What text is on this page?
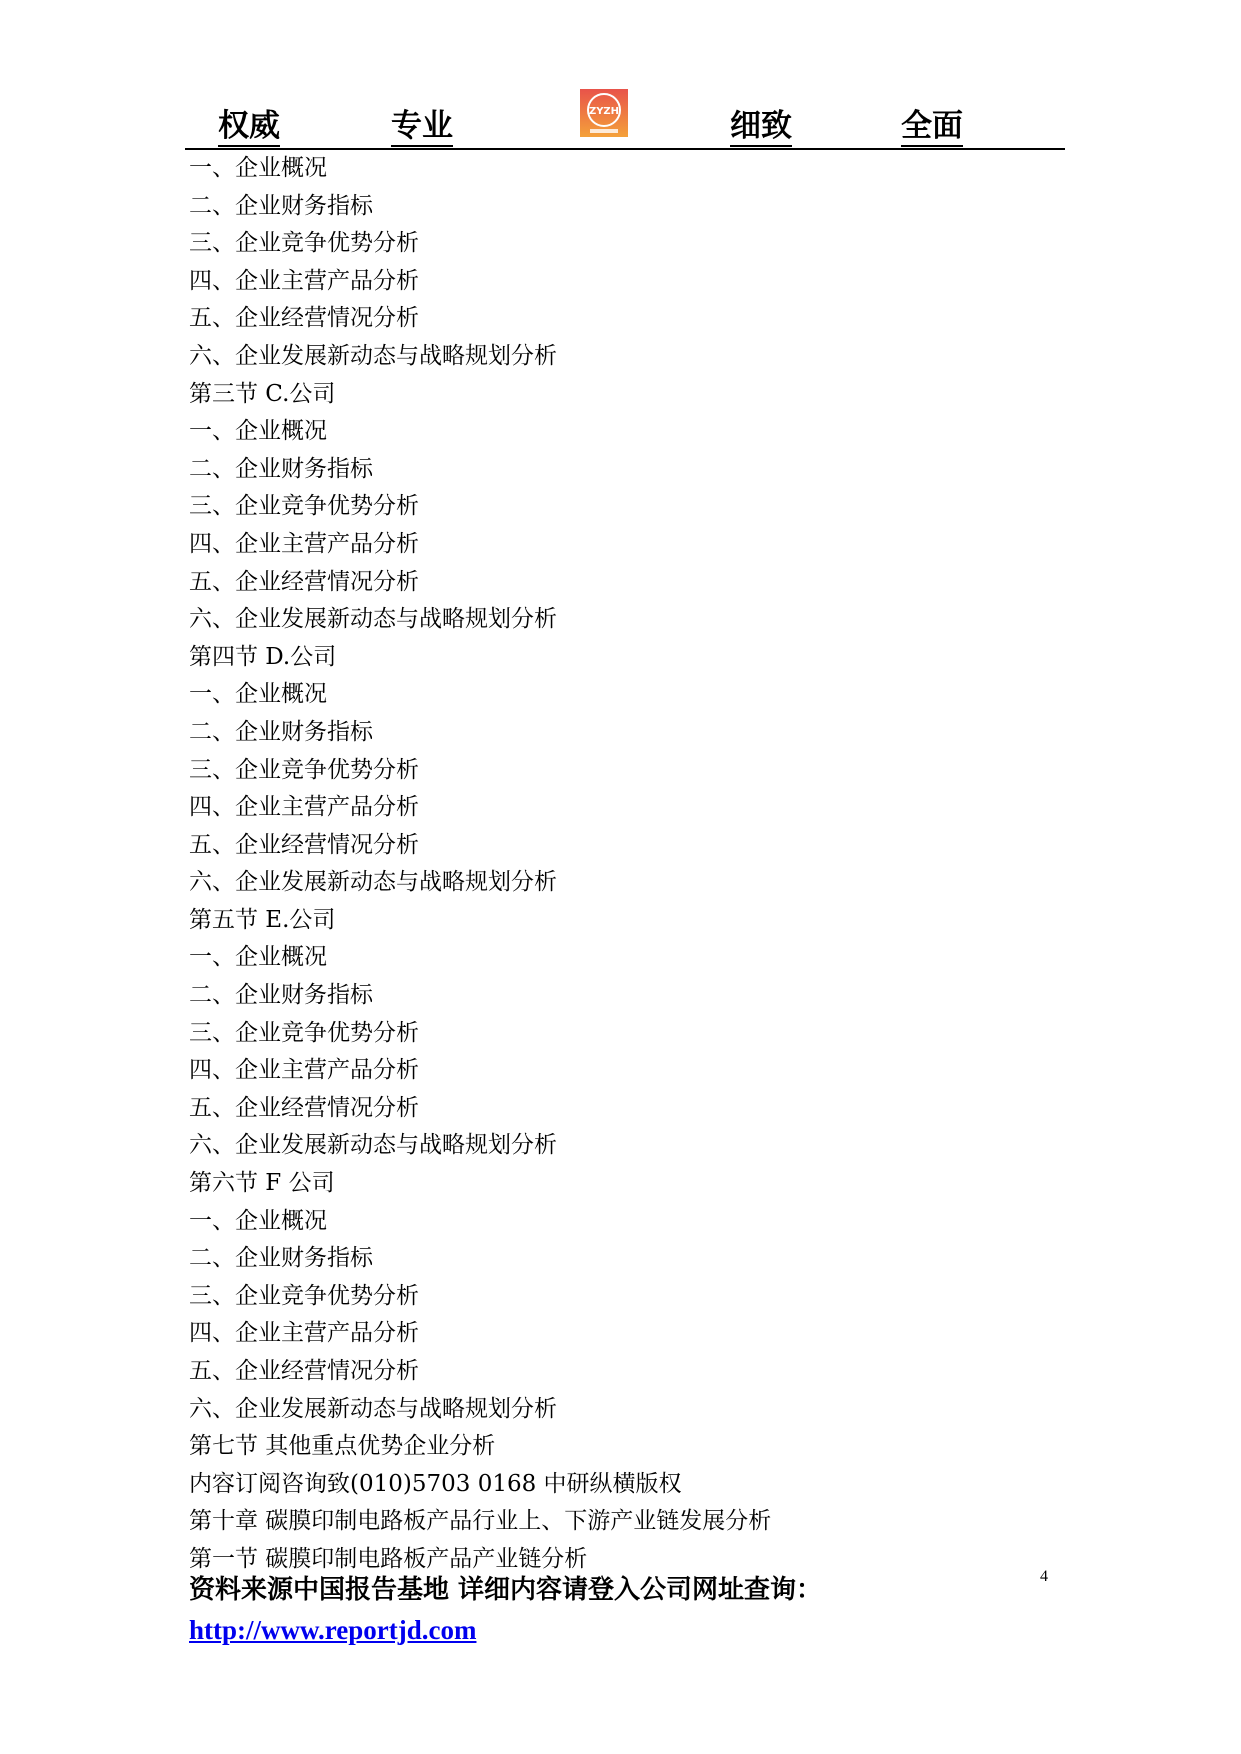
权威	专业	ZYZH	细致	全面
一、企业概况
二、企业财务指标
三、企业竞争优势分析
四、企业主营产品分析
五、企业经营情况分析
六、企业发展新动态与战略规划分析
第三节 C.公司
一、企业概况
二、企业财务指标
三、企业竞争优势分析
四、企业主营产品分析
五、企业经营情况分析
六、企业发展新动态与战略规划分析
第四节 D.公司
一、企业概况
二、企业财务指标
三、企业竞争优势分析
四、企业主营产品分析
五、企业经营情况分析
六、企业发展新动态与战略规划分析
第五节 E.公司
一、企业概况
二、企业财务指标
三、企业竞争优势分析
四、企业主营产品分析
五、企业经营情况分析
六、企业发展新动态与战略规划分析
第六节 F 公司
一、企业概况
二、企业财务指标
三、企业竞争优势分析
四、企业主营产品分析
五、企业经营情况分析
六、企业发展新动态与战略规划分析
第七节 其他重点优势企业分析
内容订阅咨询致(010)5703 0168 中研纵横版权
第十章 碳膜印制电路板产品行业上、下游产业链发展分析
第一节 碳膜印制电路板产品产业链分析
4
资料来源中国报告基地 详细内容请登入公司网址查询：
http://www.reportjd.com
